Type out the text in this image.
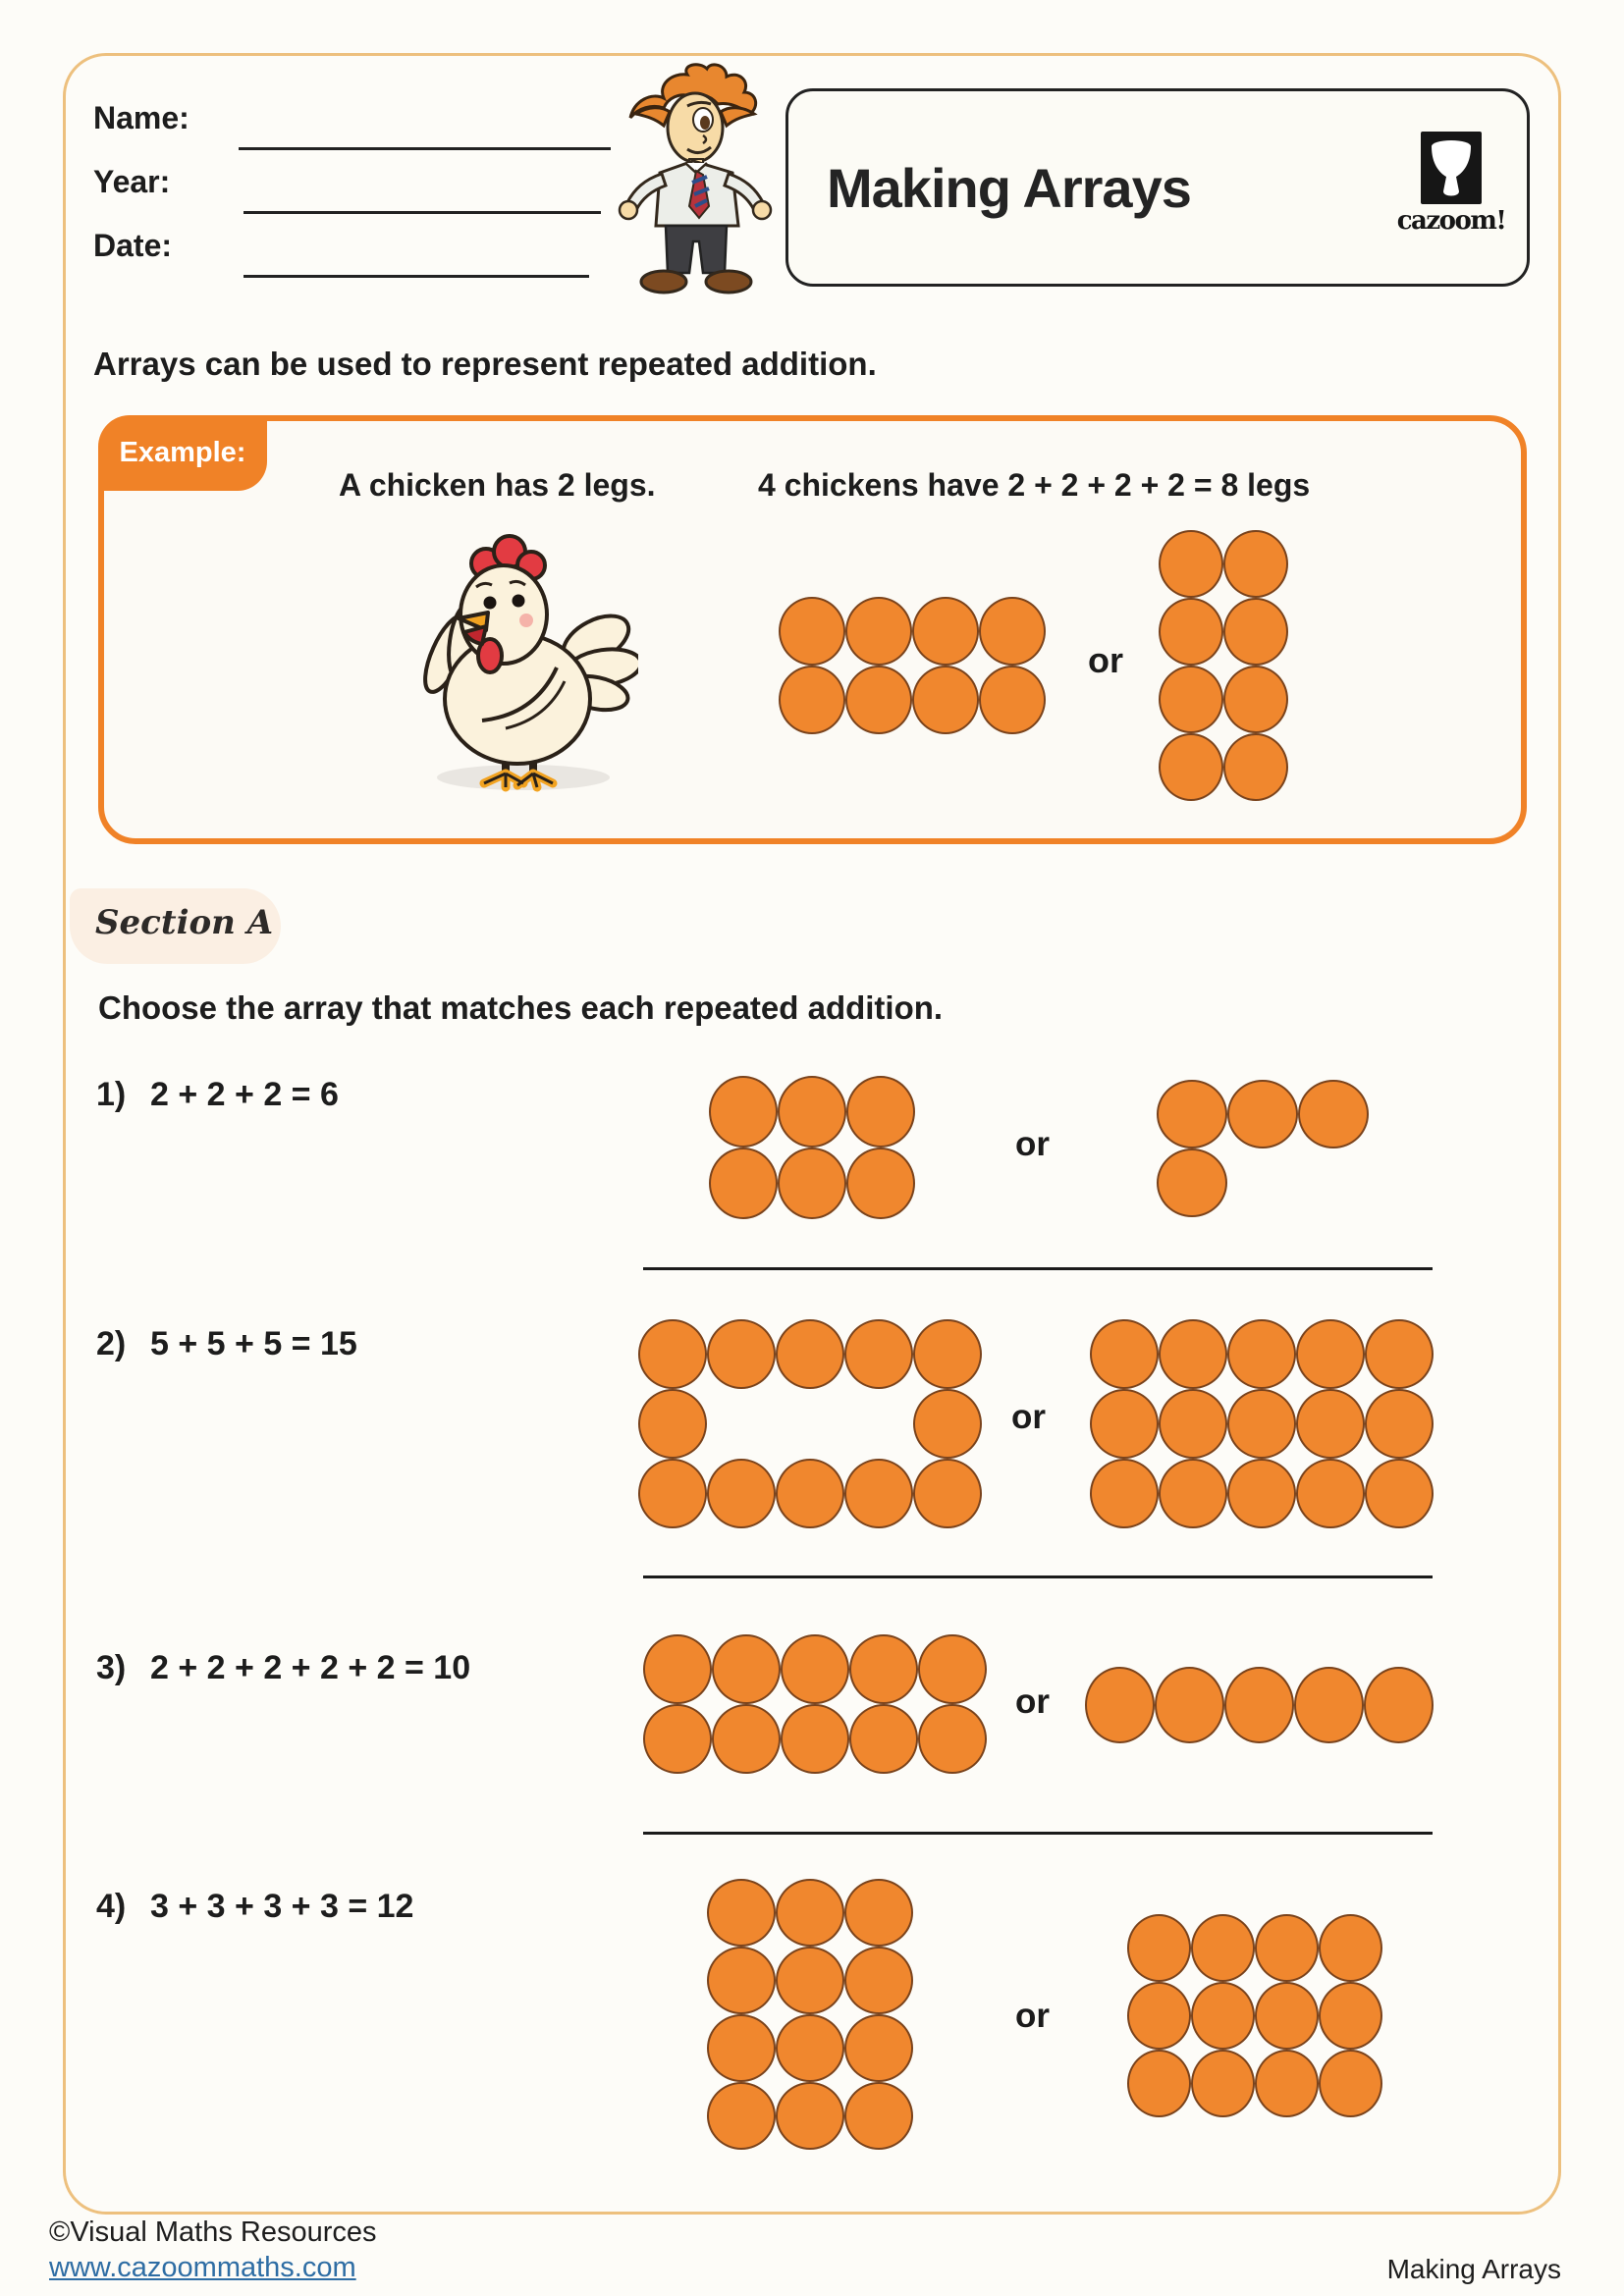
Name:
Year:
Date:
Making Arrays
cazoom!
Arrays can be used to represent repeated addition.
Example:
A chicken has 2 legs.	4 chickens have 2 + 2 + 2 + 2 = 8 legs
or
Section A
Choose the array that matches each repeated addition.
1) 2 + 2 + 2 = 6
or
2) 5 + 5 + 5 = 15
or
3) 2 + 2 + 2 + 2 + 2 = 10
or
4) 3 + 3 + 3 + 3 = 12
or
©Visual Maths Resources
www.cazoommaths.com	Making Arrays
